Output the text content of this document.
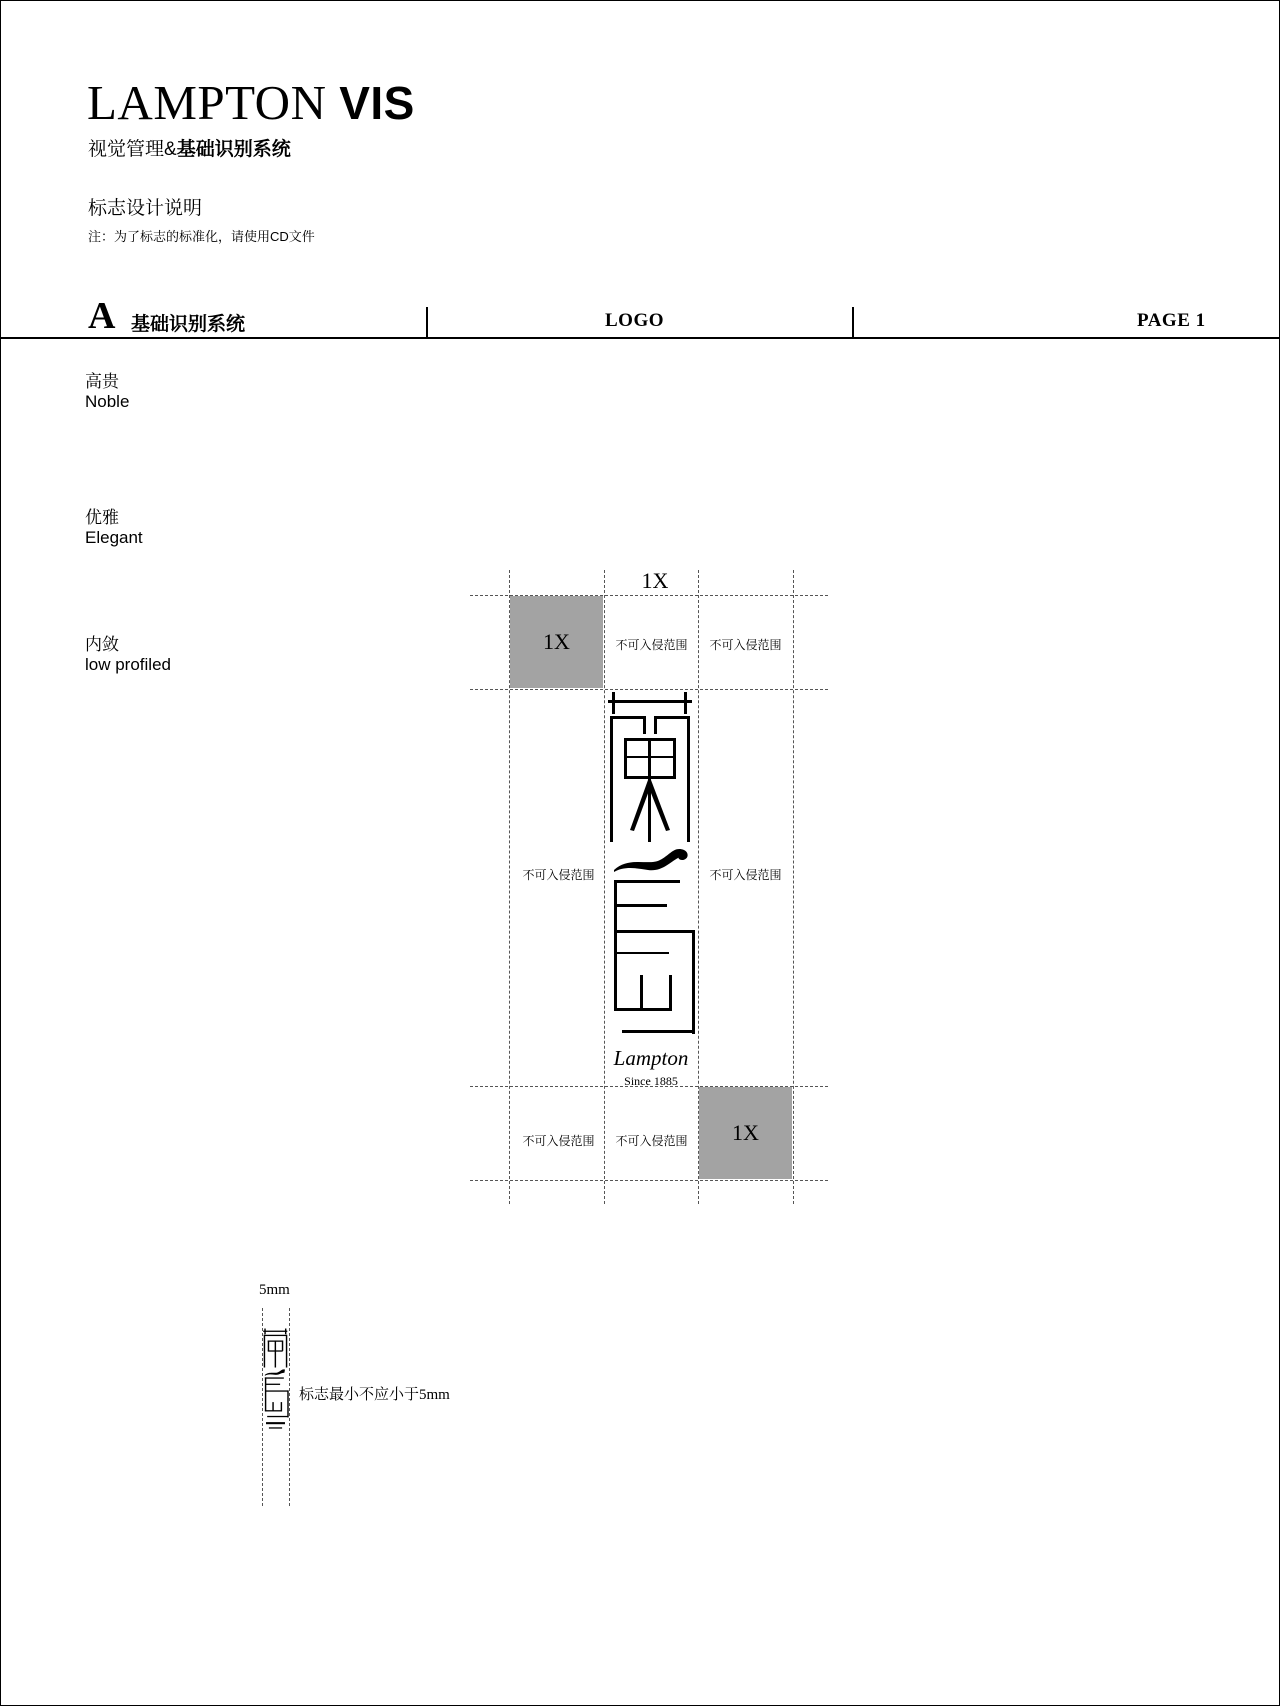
LAMPTON VIS
视觉管理&基础识别系统
标志设计说明
注：为了标志的标准化，请使用CD文件
A 基础识别系统	LOGO	PAGE 1
高贵
Noble
优雅
Elegant
内敛
low profiled
1X
1X
1X
不可入侵范围	不可入侵范围
不可入侵范围	不可入侵范围
不可入侵范围	不可入侵范围
Lampton
Since 1885
5mm
标志最小不应小于5mm
